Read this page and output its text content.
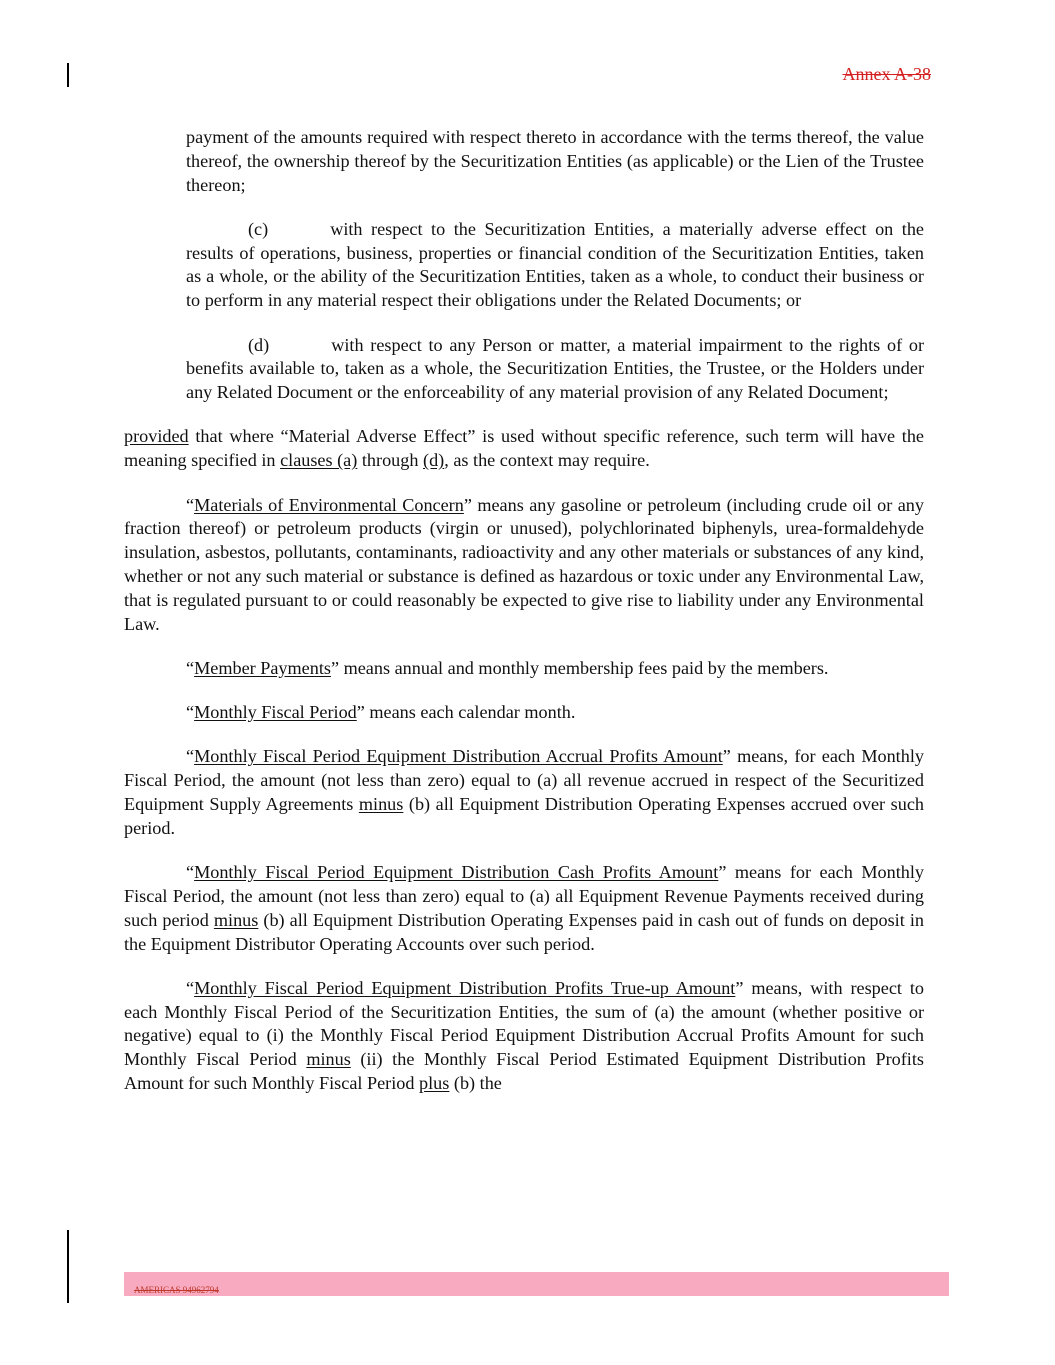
Annex A-38

payment of the amounts required with respect thereto in accordance with the terms thereof, the value thereof, the ownership thereof by the Securitization Entities (as applicable) or the Lien of the Trustee thereon;

(c)	with respect to the Securitization Entities, a materially adverse effect on the results of operations, business, properties or financial condition of the Securitization Entities, taken as a whole, or the ability of the Securitization Entities, taken as a whole, to conduct their business or to perform in any material respect their obligations under the Related Documents; or

(d)	with respect to any Person or matter, a material impairment to the rights of or benefits available to, taken as a whole, the Securitization Entities, the Trustee, or the Holders under any Related Document or the enforceability of any material provision of any Related Document;

provided that where “Material Adverse Effect” is used without specific reference, such term will have the meaning specified in clauses (a) through (d), as the context may require.

“Materials of Environmental Concern” means any gasoline or petroleum (including crude oil or any fraction thereof) or petroleum products (virgin or unused), polychlorinated biphenyls, urea-formaldehyde insulation, asbestos, pollutants, contaminants, radioactivity and any other materials or substances of any kind, whether or not any such material or substance is defined as hazardous or toxic under any Environmental Law, that is regulated pursuant to or could reasonably be expected to give rise to liability under any Environmental Law.

“Member Payments” means annual and monthly membership fees paid by the members.

“Monthly Fiscal Period” means each calendar month.

“Monthly Fiscal Period Equipment Distribution Accrual Profits Amount” means, for each Monthly Fiscal Period, the amount (not less than zero) equal to (a) all revenue accrued in respect of the Securitized Equipment Supply Agreements minus (b) all Equipment Distribution Operating Expenses accrued over such period.

“Monthly Fiscal Period Equipment Distribution Cash Profits Amount” means for each Monthly Fiscal Period, the amount (not less than zero) equal to (a) all Equipment Revenue Payments received during such period minus (b) all Equipment Distribution Operating Expenses paid in cash out of funds on deposit in the Equipment Distributor Operating Accounts over such period.

“Monthly Fiscal Period Equipment Distribution Profits True-up Amount” means, with respect to each Monthly Fiscal Period of the Securitization Entities, the sum of (a) the amount (whether positive or negative) equal to (i) the Monthly Fiscal Period Equipment Distribution Accrual Profits Amount for such Monthly Fiscal Period minus (ii) the Monthly Fiscal Period Estimated Equipment Distribution Profits Amount for such Monthly Fiscal Period plus (b) the

AMERICAS 94962794
